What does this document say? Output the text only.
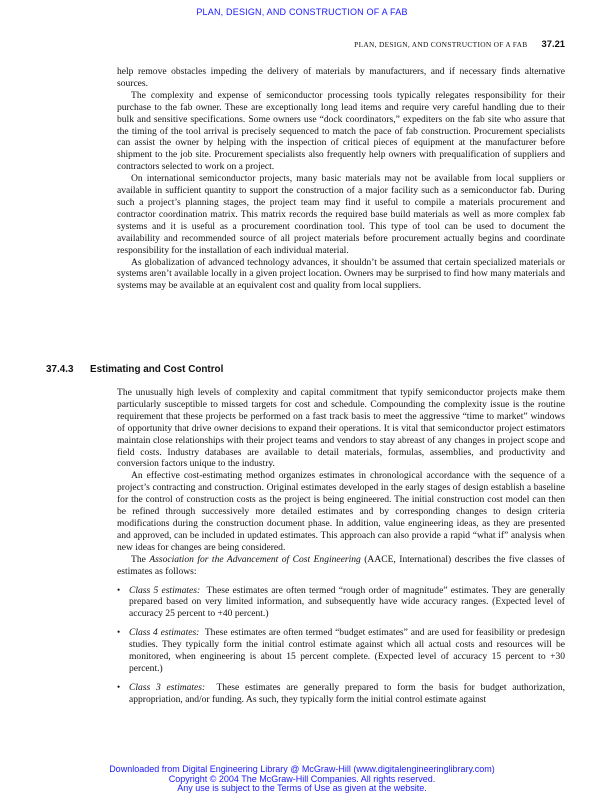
PLAN, DESIGN, AND CONSTRUCTION OF A FAB
PLAN, DESIGN, AND CONSTRUCTION OF A FAB 37.21

help remove obstacles impeding the delivery of materials by manufacturers, and if necessary finds alternative sources.

The complexity and expense of semiconductor processing tools typically relegates responsibility for their purchase to the fab owner. These are exceptionally long lead items and require very careful handling due to their bulk and sensitive specifications. Some owners use “dock coordinators,” expediters on the fab site who assure that the timing of the tool arrival is precisely sequenced to match the pace of fab construction. Procurement specialists can assist the owner by helping with the inspection of critical pieces of equipment at the manufacturer before shipment to the job site. Procurement specialists also frequently help owners with prequalification of suppliers and contractors selected to work on a project.

On international semiconductor projects, many basic materials may not be available from local suppliers or available in sufficient quantity to support the construction of a major facility such as a semiconductor fab. During such a project’s planning stages, the project team may find it useful to compile a materials procurement and contractor coordination matrix. This matrix records the required base build materials as well as more complex fab systems and it is useful as a procurement coordination tool. This type of tool can be used to document the availability and recommended source of all project materials before procurement actually begins and coordinate responsibility for the installation of each individual material.

As globalization of advanced technology advances, it shouldn’t be assumed that certain specialized materials or systems aren’t available locally in a given project location. Owners may be surprised to find how many materials and systems may be available at an equivalent cost and quality from local suppliers.

37.4.3 Estimating and Cost Control

The unusually high levels of complexity and capital commitment that typify semiconductor projects make them particularly susceptible to missed targets for cost and schedule. Compounding the complexity issue is the routine requirement that these projects be performed on a fast track basis to meet the aggressive “time to market” windows of opportunity that drive owner decisions to expand their operations. It is vital that semiconductor project estimators maintain close relationships with their project teams and vendors to stay abreast of any changes in project scope and field costs. Industry databases are available to detail materials, formulas, assemblies, and productivity and conversion factors unique to the industry.

An effective cost-estimating method organizes estimates in chronological accordance with the sequence of a project’s contracting and construction. Original estimates developed in the early stages of design establish a baseline for the control of construction costs as the project is being engineered. The initial construction cost model can then be refined through successively more detailed estimates and by corresponding changes to design criteria modifications during the construction document phase. In addition, value engineering ideas, as they are presented and approved, can be included in updated estimates. This approach can also provide a rapid “what if” analysis when new ideas for changes are being considered.

The Association for the Advancement of Cost Engineering (AACE, International) describes the five classes of estimates as follows:

• Class 5 estimates: These estimates are often termed “rough order of magnitude” estimates. They are generally prepared based on very limited information, and subsequently have wide accuracy ranges. (Expected level of accuracy 25 percent to +40 percent.)
• Class 4 estimates: These estimates are often termed “budget estimates” and are used for feasibility or predesign studies. They typically form the initial control estimate against which all actual costs and resources will be monitored, when engineering is about 15 percent complete. (Expected level of accuracy 15 percent to +30 percent.)
• Class 3 estimates: These estimates are generally prepared to form the basis for budget authorization, appropriation, and/or funding. As such, they typically form the initial control estimate against
Downloaded from Digital Engineering Library @ McGraw-Hill (www.digitalengineeringlibrary.com)
Copyright © 2004 The McGraw-Hill Companies. All rights reserved.
Any use is subject to the Terms of Use as given at the website.
